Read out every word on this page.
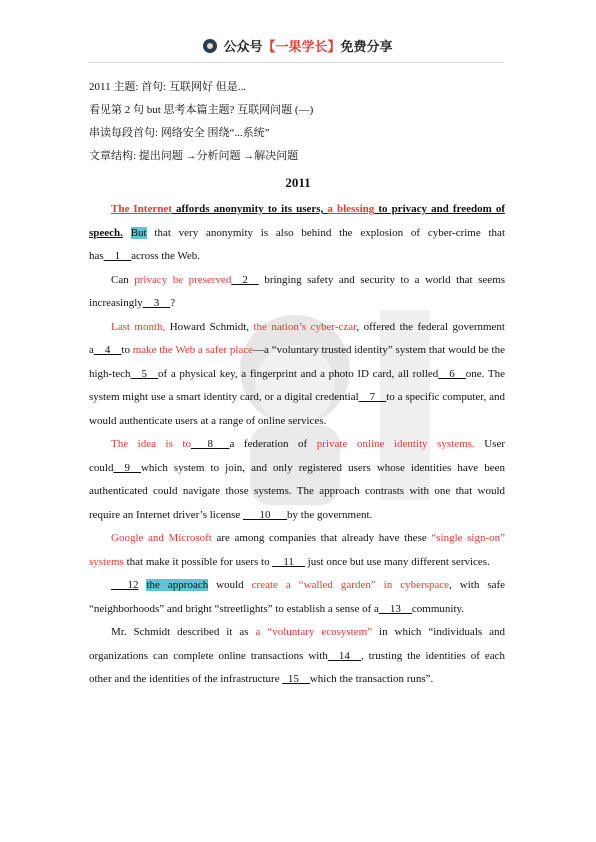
公众号【一果学长】免费分享
2011 主题: 首句: 互联网好 但是...
看见第 2 句 but 思考本篇主题? 互联网问题 (—)
串读每段首句: 网络安全 围绕“...系统”
文章结构: 提出问题 →分析问题 →解决问题
2011

The Internet affords anonymity to its users, a blessing to privacy and freedom of speech. But that very anonymity is also behind the explosion of cyber-crime that has__1__across the Web.

Can privacy be preserved__2__ bringing safety and security to a world that seems increasingly__3__?

Last month, Howard Schmidt, the nation’s cyber-czar, offered the federal government a__4__to make the Web a safer place—a “voluntary trusted identity” system that would be the high-tech__5__of a physical key, a fingerprint and a photo ID card, all rolled__6__one. The system might use a smart identity card, or a digital credential__7__to a specific computer, and would authenticate users at a range of online services.

The idea is to___8___a federation of private online identity systems. User could__9__which system to join, and only registered users whose identities have been authenticated could navigate those systems. The approach contrasts with one that would require an Internet driver’s license ___10___by the government.

Google and Microsoft are among companies that already have these “single sign-on” systems that make it possible for users to __11__ just once but use many different services.

___12 the approach would create a “walled garden” in cyberspace, with safe “neighborhoods” and bright “streetlights” to establish a sense of a__13__community.

Mr. Schmidt described it as a “voluntary ecosystem” in which “individuals and organizations can complete online transactions with__14__, trusting the identities of each other and the identities of the infrastructure _15__which the transaction runs”.
